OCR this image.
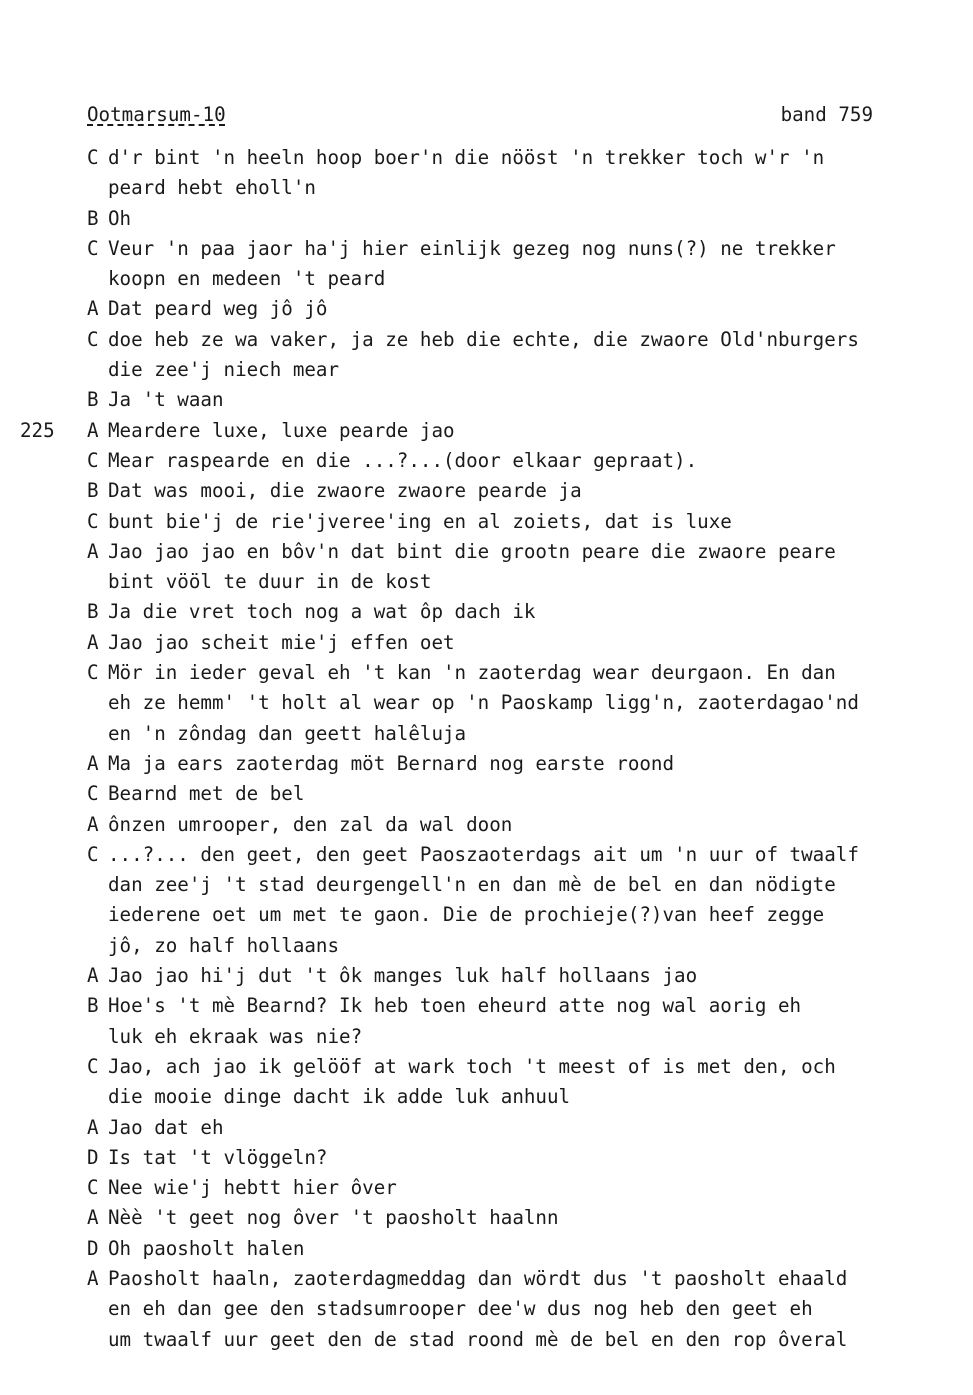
Ootmarsum-10	band 759
C d'r bint 'n heeln hoop boer'n die nööst 'n trekker toch w'r 'n
peard hebt eholl'n
B Oh
C Veur 'n paa jaor ha'j hier einlijk gezeg nog nuns(?) ne trekker
koopn en medeen 't peard
A Dat peard weg jô jô
C doe heb ze wa vaker, ja ze heb die echte, die zwaore Old'nburgers
die zee'j niech mear
B Ja 't waan
225	A Meardere luxe, luxe pearde jao
C Mear raspearde en die ...?...(door elkaar gepraat).
B Dat was mooi, die zwaore zwaore pearde ja
C bunt bie'j de rie'jveree'ing en al zoiets, dat is luxe
A Jao jao jao en bôv'n dat bint die grootn peare die zwaore peare
bint vööl te duur in de kost
B Ja die vret toch nog a wat ôp dach ik
A Jao jao scheit mie'j effen oet
C Mör in ieder geval eh 't kan 'n zaoterdag wear deurgaon. En dan
eh ze hemm' 't holt al wear op 'n Paoskamp ligg'n, zaoterdagao'nd
en 'n zôndag dan geett halêluja
A Ma ja ears zaoterdag möt Bernard nog earste roond
C Bearnd met de bel
A ônzen umrooper, den zal da wal doon
C ...?... den geet, den geet Paoszaoterdags ait um 'n uur of twaalf
dan zee'j 't stad deurgengell'n en dan mè de bel en dan nödigte
iederene oet um met te gaon. Die de prochieje(?)van heef zegge
jô, zo half hollaans
A Jao jao hi'j dut 't ôk manges luk half hollaans jao
B Hoe's 't mè Bearnd? Ik heb toen eheurd atte nog wal aorig eh
luk eh ekraak was nie?
C Jao, ach jao ik gelööf at wark toch 't meest of is met den, och
die mooie dinge dacht ik adde luk anhuul
A Jao dat eh
D Is tat 't vlöggeln?
C Nee wie'j hebtt hier ôver
A Nèè 't geet nog ôver 't paosholt haalnn
D Oh paosholt halen
A Paosholt haaln, zaoterdagmeddag dan wördt dus 't paosholt ehaald
en eh dan gee den stadsumrooper dee'w dus nog heb den geet eh
um twaalf uur geet den de stad roond mè de bel en den rop ôveral
